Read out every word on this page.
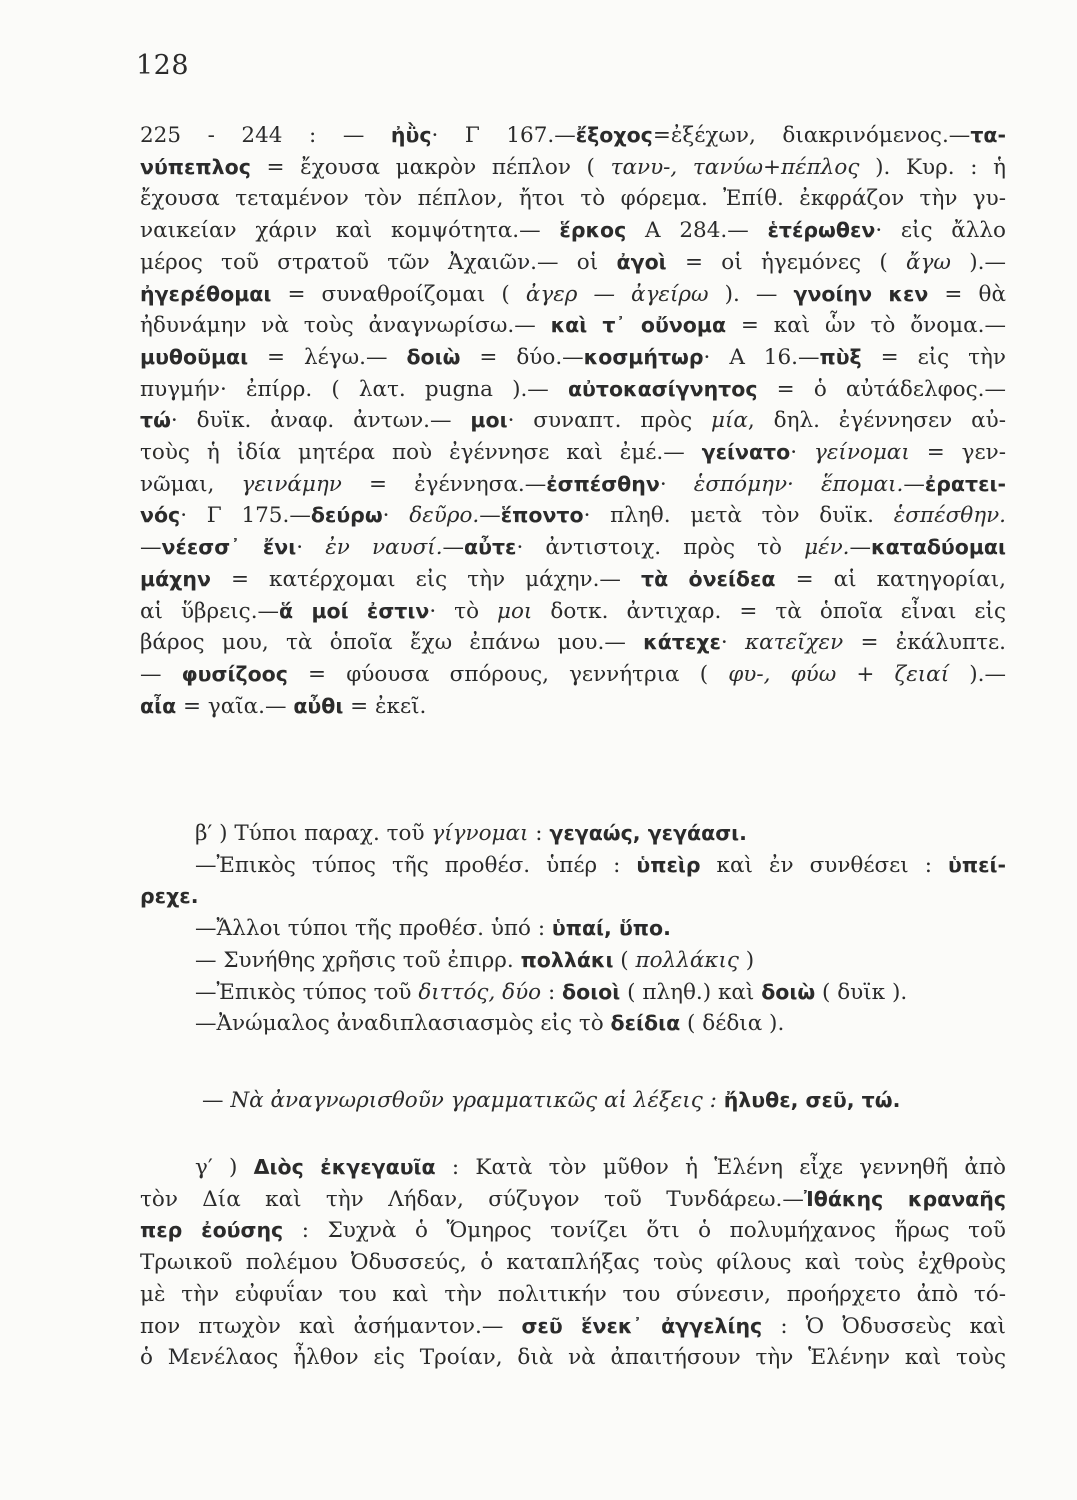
128
225 - 244 : — ἠῢς· Γ 167.—ἔξοχος=ἐξέχων, διακρινόμενος.—τα-
νύπεπλος = ἔχουσα μακρὸν πέπλον ( τανυ-, τανύω+πέπλος ). Κυρ. : ἡ
ἔχουσα τεταμένον τὸν πέπλον, ἤτοι τὸ φόρεμα. Ἐπίθ. ἐκφράζον τὴν γυ-
ναικείαν χάριν καὶ κομψότητα.— ἕρκος Α 284.— ἑτέρωθεν· εἰς ἄλλο
μέρος τοῦ στρατοῦ τῶν Ἀχαιῶν.— οἱ ἀγοὶ = οἱ ἡγεμόνες ( ἄγω ).—
ἠγερέθομαι = συναθροίζομαι ( ἀγερ — ἀγείρω ). — γνοίην κεν = θὰ
ἠδυνάμην νὰ τοὺς ἀναγνωρίσω.— καὶ τ᾽ οὔνομα = καὶ ὧν τὸ ὄνομα.—
μυθοῦμαι = λέγω.— δοιὼ = δύο.—κοσμήτωρ· Α 16.—πὺξ = εἰς τὴν
πυγμήν· ἐπίρρ. ( λατ. pugna ).— αὐτοκασίγνητος = ὁ αὐτάδελφος.—
τώ· δυϊκ. ἀναφ. ἀντων.— μοι· συναπτ. πρὸς μία, δηλ. ἐγέννησεν αὐ-
τοὺς ἡ ἰδία μητέρα ποὺ ἐγέννησε καὶ ἐμέ.— γείνατο· γείνομαι = γεν-
νῶμαι, γεινάμην = ἐγέννησα.—ἐσπέσθην· ἑσπόμην· ἕπομαι.—ἐρατει-
νός· Γ 175.—δεύρω· δεῦρο.—ἕποντο· πληθ. μετὰ τὸν δυϊκ. ἑσπέσθην.
—νέεσσ᾽ ἔνι· ἐν ναυσί.—αὖτε· ἀντιστοιχ. πρὸς τὸ μέν.—καταδύομαι
μάχην = κατέρχομαι εἰς τὴν μάχην.— τὰ ὀνείδεα = αἱ κατηγορίαι,
αἱ ὕβρεις.—ἅ μοί ἐστιν· τὸ μοι δοτκ. ἀντιχαρ. = τὰ ὁποῖα εἶναι εἰς
βάρος μου, τὰ ὁποῖα ἔχω ἐπάνω μου.— κάτεχε· κατεῖχεν = ἐκάλυπτε.
— φυσίζοος = φύουσα σπόρους, γεννήτρια ( φυ-, φύω + ζειαί ).—
αἶα = γαῖα.— αὖθι = ἐκεῖ.
β′ ) Τύποι παραχ. τοῦ γίγνομαι : γεγαώς, γεγάασι.
—Ἐπικὸς τύπος τῆς προθέσ. ὑπέρ : ὑπεὶρ καὶ ἐν συνθέσει : ὑπεί-
ρεχε.
—Ἄλλοι τύποι τῆς προθέσ. ὑπό : ὑπαί, ὕπο.
— Συνήθης χρῆσις τοῦ ἐπιρρ. πολλάκι ( πολλάκις )
—Ἐπικὸς τύπος τοῦ διττός, δύο : δοιοὶ ( πληθ.) καὶ δοιὼ ( δυϊκ ).
—Ἀνώμαλος ἀναδιπλασιασμὸς εἰς τὸ δείδια ( δέδια ).
— Νὰ ἀναγνωρισθοῦν γραμματικῶς αἱ λέξεις : ἤλυθε, σεῦ, τώ.
γ′ ) Διὸς ἐκγεγαυῖα : Κατὰ τὸν μῦθον ἡ Ἑλένη εἶχε γεννηθῆ ἀπὸ
τὸν Δία καὶ τὴν Λήδαν, σύζυγον τοῦ Τυνδάρεω.—Ἰθάκης κραναῆς
περ ἐούσης : Συχνὰ ὁ Ὅμηρος τονίζει ὅτι ὁ πολυμήχανος ἥρως τοῦ
Τρωικοῦ πολέμου Ὀδυσσεύς, ὁ καταπλήξας τοὺς φίλους καὶ τοὺς ἐχθροὺς
μὲ τὴν εὐφυΐαν του καὶ τὴν πολιτικήν του σύνεσιν, προήρχετο ἀπὸ τό-
πον πτωχὸν καὶ ἀσήμαντον.— σεῦ ἕνεκ᾽ ἀγγελίης : Ὁ Ὀδυσσεὺς καὶ
ὁ Μενέλαος ἦλθον εἰς Τροίαν, διὰ νὰ ἀπαιτήσουν τὴν Ἑλένην καὶ τοὺς
